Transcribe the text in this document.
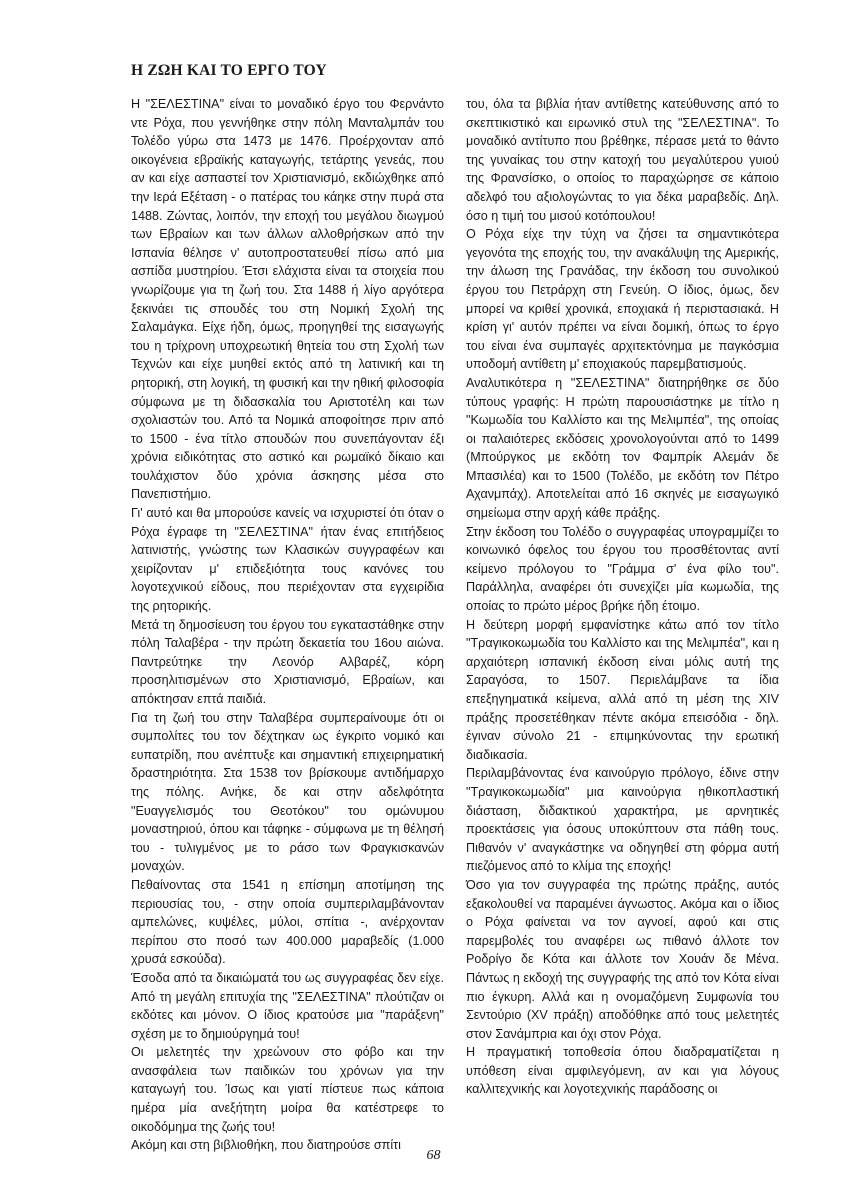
Η ΖΩΗ ΚΑΙ ΤΟ ΕΡΓΟ ΤΟΥ

Η "ΣΕΛΕΣΤΙΝΑ" είναι το μοναδικό έργο του Φερνάντο ντε Ρόχα, που γεννήθηκε στην πόλη Μανταλμπάν του Τολέδο γύρω στα 1473 με 1476. Προέρχονταν από οικογένεια εβραϊκής καταγωγής, τετάρτης γενεάς, που αν και είχε ασπαστεί τον Χριστιανισμό, εκδιώχθηκε από την Ιερά Εξέταση - ο πατέρας του κάηκε στην πυρά στα 1488. Ζώντας, λοιπόν, την εποχή του μεγάλου διωγμού των Εβραίων και των άλλων αλλοθρήσκων από την Ισπανία θέλησε ν' αυτοπροστατευθεί πίσω από μια ασπίδα μυστηρίου. Έτσι ελάχιστα είναι τα στοιχεία που γνωρίζουμε για τη ζωή του. Στα 1488 ή λίγο αργότερα ξεκινάει τις σπουδές του στη Νομική Σχολή της Σαλαμάγκα. Είχε ήδη, όμως, προηγηθεί της εισαγωγής του η τρίχρονη υποχρεωτική θητεία του στη Σχολή των Τεχνών και είχε μυηθεί εκτός από τη λατινική και τη ρητορική, στη λογική, τη φυσική και την ηθική φιλοσοφία σύμφωνα με τη διδασκαλία του Αριστοτέλη και των σχολιαστών του. Από τα Νομικά αποφοίτησε πριν από το 1500 - ένα τίτλο σπουδών που συνεπάγονταν έξι χρόνια ειδικότητας στο αστικό και ρωμαϊκό δίκαιο και τουλάχιστον δύο χρόνια άσκησης μέσα στο Πανεπιστήμιο.

Γι' αυτό και θα μπορούσε κανείς να ισχυριστεί ότι όταν ο Ρόχα έγραφε τη "ΣΕΛΕΣΤΙΝΑ" ήταν ένας επιτήδειος λατινιστής, γνώστης των Κλασικών συγγραφέων και χειρίζονταν μ' επιδεξιότητα τους κανόνες του λογοτεχνικού είδους, που περιέχονταν στα εγχειρίδια της ρητορικής.

Μετά τη δημοσίευση του έργου του εγκαταστάθηκε στην πόλη Ταλαβέρα - την πρώτη δεκαετία του 16ου αιώνα. Παντρεύτηκε την Λεονόρ Αλβαρέζ, κόρη προσηλιτισμένων στο Χριστιανισμό, Εβραίων, και απόκτησαν επτά παιδιά.

Για τη ζωή του στην Ταλαβέρα συμπεραίνουμε ότι οι συμπολίτες του τον δέχτηκαν ως έγκριτο νομικό και ευπατρίδη, που ανέπτυξε και σημαντική επιχειρηματική δραστηριότητα. Στα 1538 τον βρίσκουμε αντιδήμαρχο της πόλης. Ανήκε, δε και στην αδελφότητα "Ευαγγελισμός του Θεοτόκου" του ομώνυμου μοναστηριού, όπου και τάφηκε - σύμφωνα με τη θέλησή του - τυλιγμένος με το ράσο των Φραγκισκανών μοναχών.

Πεθαίνοντας στα 1541 η επίσημη αποτίμηση της περιουσίας του, - στην οποία συμπεριλαμβάνονταν αμπελώνες, κυψέλες, μύλοι, σπίτια -, ανέρχονταν περίπου στο ποσό των 400.000 μαραβεδίς (1.000 χρυσά εσκούδα).

Έσοδα από τα δικαιώματά του ως συγγραφέας δεν είχε. Από τη μεγάλη επιτυχία της "ΣΕΛΕΣΤΙΝΑ" πλούτιζαν οι εκδότες και μόνον. Ο ίδιος κρατούσε μια "παράξενη" σχέση με το δημιούργημά του!

Οι μελετητές την χρεώνουν στο φόβο και την ανασφάλεια των παιδικών του χρόνων για την καταγωγή του. Ίσως και γιατί πίστευε πως κάποια ημέρα μία ανεξήτητη μοίρα θα κατέστρεφε το οικοδόμημα της ζωής του!

Ακόμη και στη βιβλιοθήκη, που διατηρούσε σπίτι

του, όλα τα βιβλία ήταν αντίθετης κατεύθυνσης από το σκεπτικιστικό και ειρωνικό στυλ της "ΣΕΛΕΣΤΙΝΑ". Το μοναδικό αντίτυπο που βρέθηκε, πέρασε μετά το θάντο της γυναίκας του στην κατοχή του μεγαλύτερου γυιού της Φρανσίσκο, ο οποίος το παραχώρησε σε κάποιο αδελφό του αξιολογώντας το για δέκα μαραβεδίς. Δηλ. όσο η τιμή του μισού κοτόπουλου!

Ο Ρόχα είχε την τύχη να ζήσει τα σημαντικότερα γεγονότα της εποχής του, την ανακάλυψη της Αμερικής, την άλωση της Γρανάδας, την έκδοση του συνολικού έργου του Πετράρχη στη Γενεύη. Ο ίδιος, όμως, δεν μπορεί να κριθεί χρονικά, εποχιακά ή περιστασιακά. Η κρίση γι' αυτόν πρέπει να είναι δομική, όπως το έργο του είναι ένα συμπαγές αρχιτεκτόνημα με παγκόσμια υποδομή αντίθετη μ' εποχιακούς παρεμβατισμούς.

Αναλυτικότερα η "ΣΕΛΕΣΤΙΝΑ" διατηρήθηκε σε δύο τύπους γραφής: Η πρώτη παρουσιάστηκε με τίτλο η "Κωμωδία του Καλλίστο και της Μελιμπέα", της οποίας οι παλαιότερες εκδόσεις χρονολογούνται από το 1499 (Μπούργκος με εκδότη τον Φαμπρίκ Αλεμάν δε Μπασιλέα) και το 1500 (Τολέδο, με εκδότη τον Πέτρο Αχανμπάχ). Αποτελείται από 16 σκηνές με εισαγωγικό σημείωμα στην αρχή κάθε πράξης.

Στην έκδοση του Τολέδο ο συγγραφέας υπογραμμίζει το κοινωνικό όφελος του έργου του προσθέτοντας αντί κείμενο πρόλογου το "Γράμμα σ' ένα φίλο του". Παράλληλα, αναφέρει ότι συνεχίζει μία κωμωδία, της οποίας το πρώτο μέρος βρήκε ήδη έτοιμο.

Η δεύτερη μορφή εμφανίστηκε κάτω από τον τίτλο "Τραγικοκωμωδία του Καλλίστο και της Μελιμπέα", και η αρχαιότερη ισπανική έκδοση είναι μόλις αυτή της Σαραγόσα, το 1507. Περιελάμβανε τα ίδια επεξηγηματικά κείμενα, αλλά από τη μέση της XIV πράξης προσετέθηκαν πέντε ακόμα επεισόδια - δηλ. έγιναν σύνολο 21 - επιμηκύνοντας την ερωτική διαδικασία.

Περιλαμβάνοντας ένα καινούργιο πρόλογο, έδινε στην "Τραγικοκωμωδία" μια καινούργια ηθικοπλαστική διάσταση, διδακτικού χαρακτήρα, με αρνητικές προεκτάσεις για όσους υποκύπτουν στα πάθη τους. Πιθανόν ν' αναγκάστηκε να οδηγηθεί στη φόρμα αυτή πιεζόμενος από το κλίμα της εποχής!

Όσο για τον συγγραφέα της πρώτης πράξης, αυτός εξακολουθεί να παραμένει άγνωστος. Ακόμα και ο ίδιος ο Ρόχα φαίνεται να τον αγνοεί, αφού και στις παρεμβολές του αναφέρει ως πιθανό άλλοτε τον Ροδρίγο δε Κότα και άλλοτε τον Χουάν δε Μένα. Πάντως η εκδοχή της συγγραφής της από τον Κότα είναι πιο έγκυρη. Αλλά και η ονομαζόμενη Συμφωνία του Σεντούριο (XV πράξη) αποδόθηκε από τους μελετητές στον Σανάμπρια και όχι στον Ρόχα.

Η πραγματική τοποθεσία όπου διαδραματίζεται η υπόθεση είναι αμφιλεγόμενη, αν και για λόγους καλλιτεχνικής και λογοτεχνικής παράδοσης οι

68
